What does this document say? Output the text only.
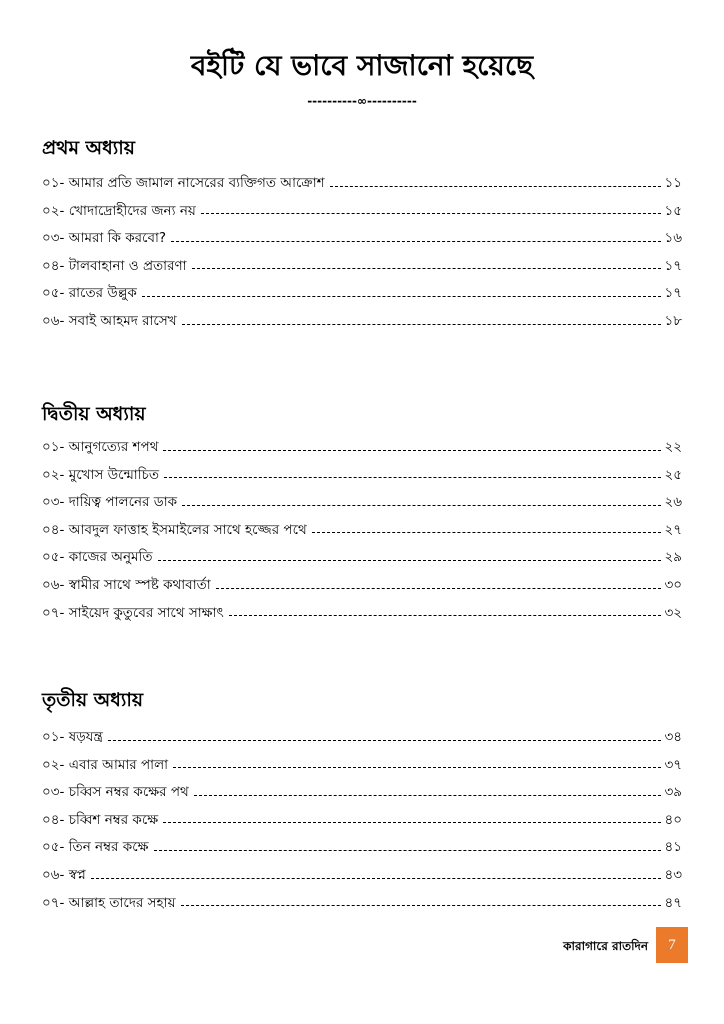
বইটি যে ভাবে সাজানো হয়েছে
----------∞----------
প্রথম অধ্যায়
০১- আমার প্রতি জামাল নাসেরের ব্যক্তিগত আক্রোশ	১১
০২- খোদাদ্রোহীদের জন্য নয়	১৫
০৩- আমরা কি করবো?	১৬
০৪- টালবাহানা ও প্রতারণা	১৭
০৫- রাতের উল্লুক	১৭
০৬- সবাই আহমদ রাসেখ	১৮
দ্বিতীয় অধ্যায়
০১- আনুগত্যের শপথ	২২
০২- মুখোস উন্মোচিত	২৫
০৩- দায়িত্ব পালনের ডাক	২৬
০৪- আবদুল ফাত্তাহ ইসমাইলের সাথে হজ্জের পথে	২৭
০৫- কাজের অনুমতি	২৯
০৬- স্বামীর সাথে স্পষ্ট কথাবার্তা	৩০
০৭- সাইয়েদ কুতুবের সাথে সাক্ষাৎ	৩২
তৃতীয় অধ্যায়
০১- ষড়যন্ত্র	৩৪
০২- এবার আমার পালা	৩৭
০৩- চব্বিস নম্বর কক্ষের পথ	৩৯
০৪- চব্বিশ নম্বর কক্ষে	৪০
০৫- তিন নম্বর কক্ষে	৪১
০৬- স্বপ্ন	৪৩
০৭- আল্লাহ তাদের সহায়	৪৭
কারাগারে রাতদিন	7
